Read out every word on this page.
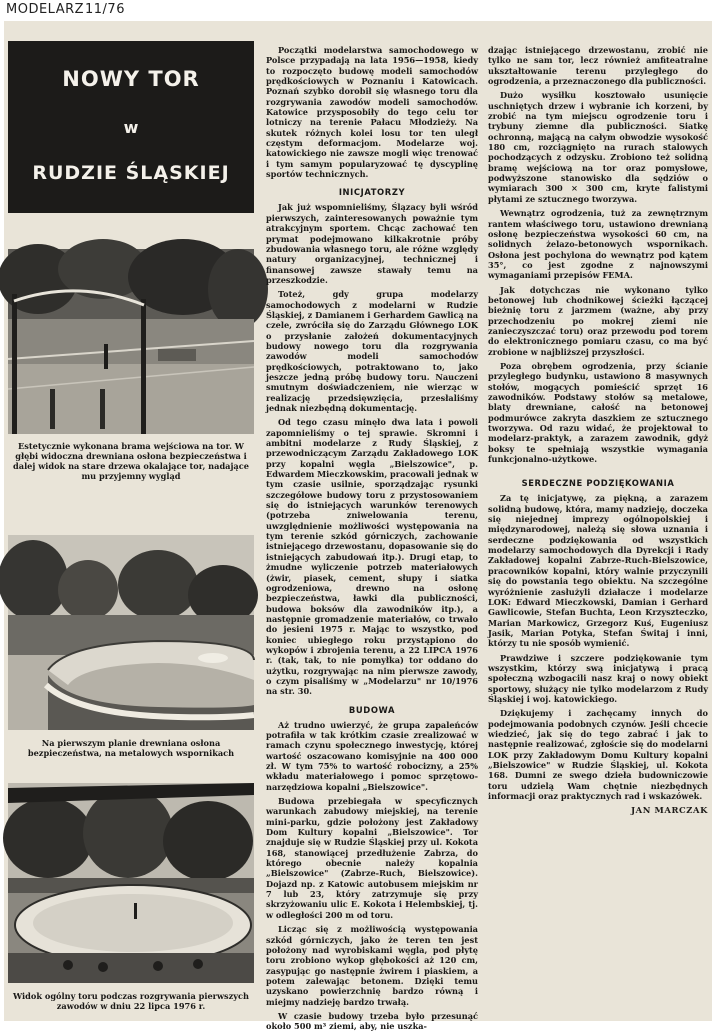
MODELARZ 11/76
NOWY TOR
w
RUDZIE ŚLĄSKIEJ
Estetycznie wykonana brama wejściowa na tor. W głębi widoczna drewniana osłona bezpieczeństwa i dalej widok na stare drzewa okalające tor, nadające mu przyjemny wygląd
Na pierwszym planie drewniana osłona bezpieczeństwa, na metalowych wspornikach
Widok ogólny toru podczas rozgrywania pierwszych zawodów w dniu 22 lipca 1976 r.

Początki modelarstwa samochodowego w Polsce przypadają na lata 1956—1958, kiedy to rozpoczęto budowę modeli samochodów prędkościowych w Poznaniu i Katowicach. Poznań szybko dorobił się własnego toru dla rozgrywania zawodów modeli samochodów. Katowice przysposobiły do tego celu tor lotniczy na terenie Pałacu Młodzieży. Na skutek różnych kolei losu tor ten uległ częstym deformacjom. Modelarze woj. katowickiego nie zawsze mogli więc trenować i tym samym popularyzować tę dyscyplinę sportów technicznych.

INICJATORZY

Jak już wspomnieliśmy, Ślązacy byli wśród pierwszych, zainteresowanych poważnie tym atrakcyjnym sportem. Chcąc zachować ten prymat podejmowano kilkakrotnie próby zbudowania własnego toru, ale różne względy natury organizacyjnej, technicznej i finansowej zawsze stawały temu na przeszkodzie.

Toteż, gdy grupa modelarzy samochodowych z modelarni w Rudzie Śląskiej, z Damianem i Gerhardem Gawlicą na czele, zwróciła się do Zarządu Głównego LOK o przysłanie założeń dokumentacyjnych budowy nowego toru dla rozgrywania zawodów modeli samochodów prędkościowych, potraktowano to, jako jeszcze jedną próbę budowy toru. Nauczeni smutnym doświadczeniem, nie wierząc w realizację przedsięwzięcia, przesłaliśmy jednak niezbędną dokumentację.

Od tego czasu minęło dwa lata i powoli zapomnieliśmy o tej sprawie. Skromni i ambitni modelarze z Rudy Śląskiej, z przewodniczącym Zarządu Zakładowego LOK przy kopalni węgla „Bielszowice", p. Edwardem Mieczkowskim, pracowali jednak w tym czasie usilnie, sporządzając rysunki szczegółowe budowy toru z przystosowaniem się do istniejących warunków terenowych (potrzeba zniwelowania terenu, uwzględnienie możliwości występowania na tym terenie szkód górniczych, zachowanie istniejącego drzewostanu, dopasowanie się do istniejących zabudowań itp.). Drugi etap, to żmudne wyliczenie potrzeb materiałowych (żwir, piasek, cement, słupy i siatka ogrodzeniowa, drewno na osłonę bezpieczeństwa, ławki dla publiczności, budowa boksów dla zawodników itp.), a następnie gromadzenie materiałów, co trwało do jesieni 1975 r. Mając to wszystko, pod koniec ubiegłego roku przystąpiono do wykopów i zbrojenia terenu, a 22 LIPCA 1976 r. (tak, tak, to nie pomyłka) tor oddano do użytku, rozgrywając na nim pierwsze zawody, o czym pisaliśmy w „Modelarzu" nr 10/1976 na str. 30.

BUDOWA

Aż trudno uwierzyć, że grupa zapaleńców potrafiła w tak krótkim czasie zrealizować w ramach czynu społecznego inwestycję, której wartość oszacowano komisyjnie na 400 000 zł. W tym 75% to wartość robocizny, a 25% wkładu materiałowego i pomoc sprzętowo-narzędziowa kopalni „Bielszowice".

Budowa przebiegała w specyficznych warunkach zabudowy miejskiej, na terenie mini-parku, gdzie położony jest Zakładowy Dom Kultury kopalni „Bielszowice". Tor znajduje się w Rudzie Śląskiej przy ul. Kokota 168, stanowiącej przedłużenie Zabrza, do którego obecnie należy kopalnia „Bielszowice" (Zabrze-Ruch, Bielszowice). Dojazd np. z Katowic autobusem miejskim nr 7 lub 23, który zatrzymuje się przy skrzyżowaniu ulic E. Kokota i Helembskiej, tj. w odległości 200 m od toru.

Licząc się z możliwością występowania szkód górniczych, jako że teren ten jest położony nad wyrobiskami węgla, pod płytę toru zrobiono wykop głębokości aż 120 cm, zasypując go następnie żwirem i piaskiem, a potem zalewając betonem. Dzięki temu uzyskano powierzchnię bardzo równą i miejmy nadzieję bardzo trwałą.

W czasie budowy trzeba było przesunąć około 500 m³ ziemi, aby, nie uszka-

dzając istniejącego drzewostanu, zrobić nie tylko ne sam tor, lecz również amfiteatralne ukształtowanie terenu przyległego do ogrodzenia, a przeznaczonego dla publiczności.

Dużo wysiłku kosztowało usunięcie uschniętych drzew i wybranie ich korzeni, by zrobić na tym miejscu ogrodzenie toru i trybuny ziemne dla publiczności. Siatkę ochronną, mającą na całym obwodzie wysokość 180 cm, rozciągnięto na rurach stalowych pochodzących z odzysku. Zrobiono też solidną bramę wejściową na tor oraz pomysłowe, podwyższone stanowisko dla sędziów o wymiarach 300 × 300 cm, kryte falistymi płytami ze sztucznego tworzywa.

Wewnątrz ogrodzenia, tuż za zewnętrznym rantem właściwego toru, ustawiono drewnianą osłonę bezpieczeństwa wysokości 60 cm, na solidnych żelazo-betonowych wspornikach. Osłona jest pochylona do wewnątrz pod kątem 35°, co jest zgodne z najnowszymi wymaganiami przepisów FEMA.

Jak dotychczas nie wykonano tylko betonowej lub chodnikowej ścieżki łączącej bieżnię toru z jarzmem (ważne, aby przy przechodzeniu po mokrej ziemi nie zanieczyszczać toru) oraz przewodu pod torem do elektronicznego pomiaru czasu, co ma być zrobione w najbliższej przyszłości.

Poza obrębem ogrodzenia, przy ścianie przyległego budynku, ustawiono 8 masywnych stołów, mogących pomieścić sprzęt 16 zawodników. Podstawy stołów są metalowe, blaty drewniane, całość na betonowej podmurówce zakryta daszkiem ze sztucznego tworzywa. Od razu widać, że projektował to modelarz-praktyk, a zarazem zawodnik, gdyż boksy te spełniają wszystkie wymagania funkcjonalno-użytkowe.

SERDECZNE PODZIĘKOWANIA

Za tę inicjatywę, za piękną, a zarazem solidną budowę, która, mamy nadzieję, doczeka się niejednej imprezy ogólnopolskiej i międzynarodowej, należą się słowa uznania i serdeczne podziękowania od wszystkich modelarzy samochodowych dla Dyrekcji i Rady Zakładowej kopalni Zabrze-Ruch-Bielszowice, pracowników kopalni, który walnie przyczynili się do powstania tego obiektu. Na szczególne wyróżnienie zasłużyli działacze i modelarze LOK: Edward Mieczkowski, Damian i Gerhard Gawlicowie, Stefan Buchta, Leon Krzyszteczko, Marian Markowicz, Grzegorz Kuś, Eugeniusz Jasik, Marian Potyka, Stefan Świtaj i inni, którzy tu nie sposób wymienić.

Prawdziwe i szczere podziękowanie tym wszystkim, którzy swą inicjatywą i pracą społeczną wzbogacili nasz kraj o nowy obiekt sportowy, służący nie tylko modelarzom z Rudy Śląskiej i woj. katowickiego.

Dziękujemy i zachęcamy innych do podejmowania podobnych czynów. Jeśli chcecie wiedzieć, jak się do tego zabrać i jak to następnie realizować, zgłoście się do modelarni LOK przy Zakładowym Domu Kultury kopalni „Bielszowice" w Rudzie Śląskiej, ul. Kokota 168. Dumni ze swego dzieła budowniczowie toru udzielą Wam chętnie niezbędnych informacji oraz praktycznych rad i wskazówek.

JAN MARCZAK
